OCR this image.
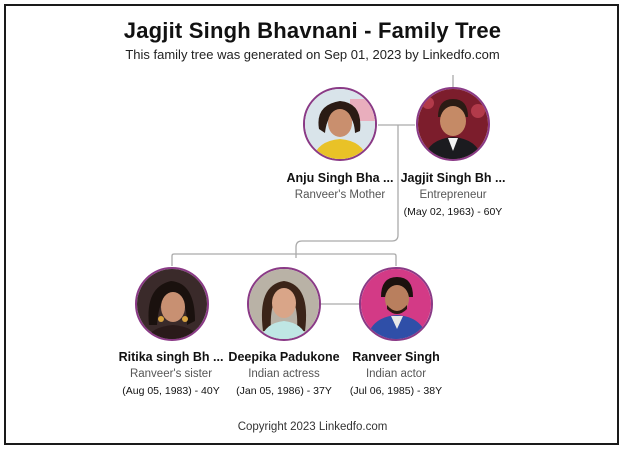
Jagjit Singh Bhavnani - Family Tree
This family tree was generated on Sep 01, 2023 by Linkedfo.com
Anju Singh Bha ...
Ranveer's Mother
Jagjit Singh Bh ...
Entrepreneur
(May 02, 1963) - 60Y
Ritika singh Bh ...
Ranveer's sister
(Aug 05, 1983) - 40Y
Deepika Padukone
Indian actress
(Jan 05, 1986) - 37Y
Ranveer Singh
Indian actor
(Jul 06, 1985) - 38Y
Copyright 2023 Linkedfo.com
